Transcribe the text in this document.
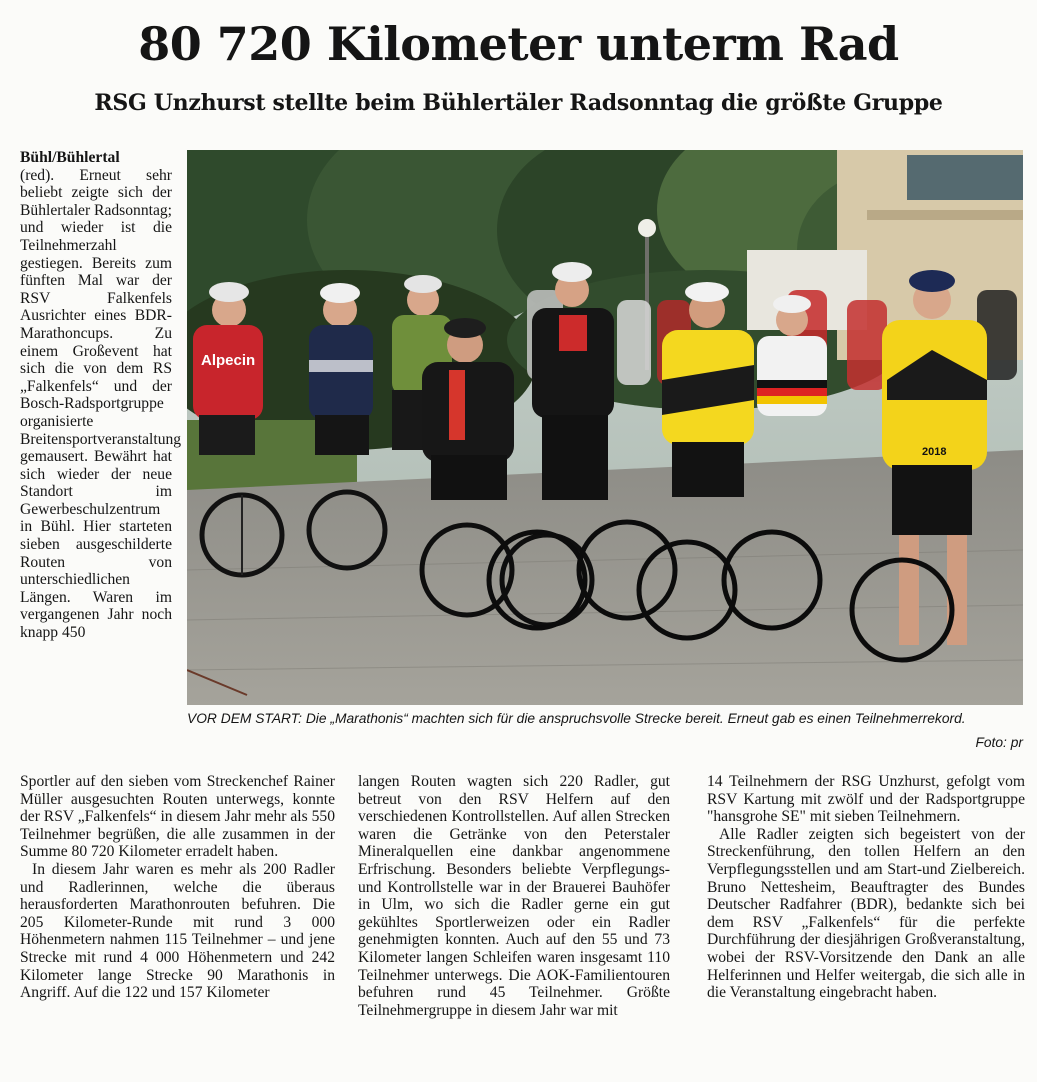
80 720 Kilometer unterm Rad
RSG Unzhurst stellte beim Bühlertäler Radsonntag die größte Gruppe

Bühl/Bühlertal
(red). Erneut sehr beliebt zeigte sich der Bühlertaler Radsonntag; und wieder ist die Teilnehmerzahl gestiegen. Bereits zum fünften Mal war der RSV Falkenfels Ausrichter eines BDR-Marathoncups. Zu einem Großevent hat sich die von dem RS „Falkenfels“ und der Bosch-Radsportgruppe organisierte Breitensportveranstaltung gemausert. Bewährt hat sich wieder der neue Standort im Gewerbeschulzentrum in Bühl. Hier starteten sieben ausgeschilderte Routen von unterschiedlichen Längen. Waren im vergangenen Jahr noch knapp 450

Alpecin
2018

VOR DEM START: Die „Marathonis“ machten sich für die anspruchsvolle Strecke bereit. Erneut gab es einen Teilnehmerrekord.

Foto: pr

Sportler auf den sieben vom Streckenchef Rainer Müller ausgesuchten Routen unterwegs, konnte der RSV „Falkenfels“ in diesem Jahr mehr als 550 Teilnehmer begrüßen, die alle zusammen in der Summe 80 720 Kilometer erradelt haben.

In diesem Jahr waren es mehr als 200 Radler und Radlerinnen, welche die überaus herausforderten Marathonrouten befuhren. Die 205 Kilometer-Runde mit rund 3 000 Höhenmetern nahmen 115 Teilnehmer – und jene Strecke mit rund 4 000 Höhenmetern und 242 Kilometer lange Strecke 90 Marathonis in Angriff. Auf die 122 und 157 Kilometer

langen Routen wagten sich 220 Radler, gut betreut von den RSV Helfern auf den verschiedenen Kontrollstellen. Auf allen Strecken waren die Getränke von den Peterstaler Mineralquellen eine dankbar angenommene Erfrischung. Besonders beliebte Verpflegungs-und Kontrollstelle war in der Brauerei Bauhöfer in Ulm, wo sich die Radler gerne ein gut gekühltes Sportlerweizen oder ein Radler genehmigten konnten. Auch auf den 55 und 73 Kilometer langen Schleifen waren insgesamt 110 Teilnehmer unterwegs. Die AOK-Familientouren befuhren rund 45 Teilnehmer. Größte Teilnehmergruppe in diesem Jahr war mit

14 Teilnehmern der RSG Unzhurst, gefolgt vom RSV Kartung mit zwölf und der Radsportgruppe "hansgrohe SE" mit sieben Teilnehmern.

Alle Radler zeigten sich begeistert von der Streckenführung, den tollen Helfern an den Verpflegungsstellen und am Start-und Zielbereich. Bruno Nettesheim, Beauftragter des Bundes Deutscher Radfahrer (BDR), bedankte sich bei dem RSV „Falkenfels“ für die perfekte Durchführung der diesjährigen Großveranstaltung, wobei der RSV-Vorsitzende den Dank an alle Helferinnen und Helfer weitergab, die sich alle in die Veranstaltung eingebracht haben.
